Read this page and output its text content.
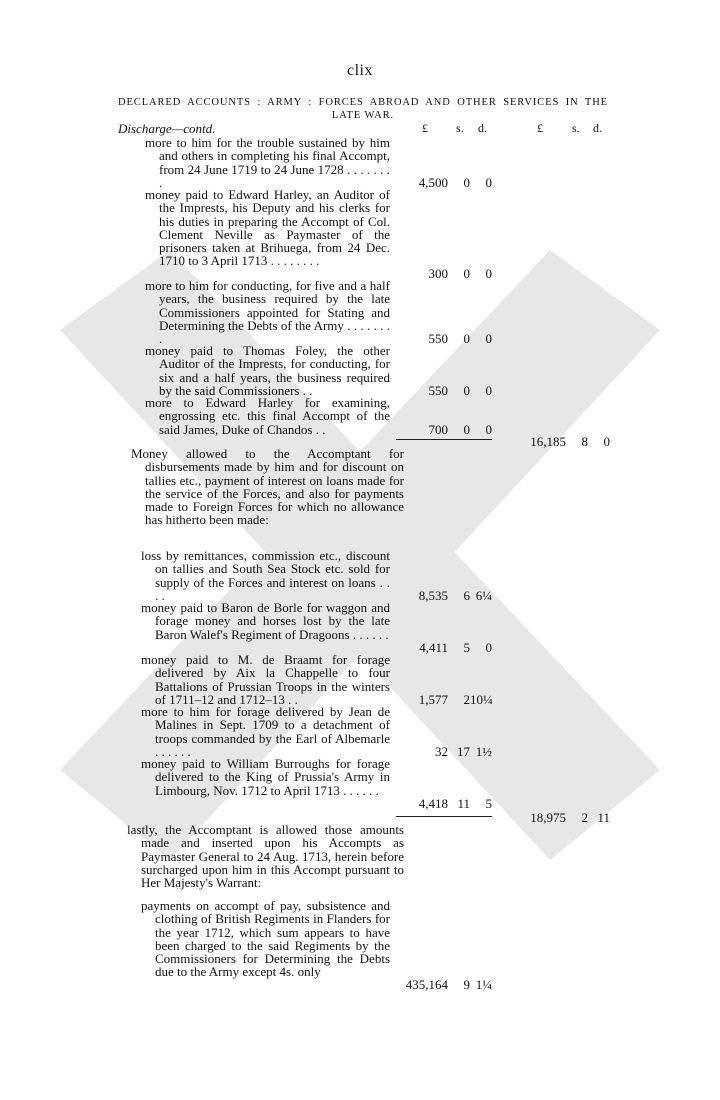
clix
DECLARED ACCOUNTS : ARMY : FORCES ABROAD AND OTHER SERVICES IN THE LATE WAR.
Discharge—contd.	£ s. d.	£ s. d.
more to him for the trouble sustained by him and others in completing his final Accompt, from 24 June 1719 to 24 June 1728 . . . . . . . .	4,500	0	0
money paid to Edward Harley, an Auditor of the Imprests, his Deputy and his clerks for his duties in preparing the Accompt of Col. Clement Neville as Paymaster of the prisoners taken at Brihuega, from 24 Dec. 1710 to 3 April 1713 . . . . . . . .
300	0	0
more to him for conducting, for five and a half years, the business required by the late Commissioners appointed for Stating and Determining the Debts of the Army . . . . . . . .	550	0	0
money paid to Thomas Foley, the other Auditor of the Imprests, for conducting, for six and a half years, the business required by the said Commissioners . .	550	0	0
more to Edward Harley for examining, engrossing etc. this final Accompt of the said James, Duke of Chandos . .	700	0	0
16,185	8	0
Money allowed to the Accomptant for disbursements made by him and for discount on tallies etc., payment of interest on loans made for the service of the Forces, and also for payments made to Foreign Forces for which no allowance has hitherto been made:
loss by remittances, commission etc., discount on tallies and South Sea Stock etc. sold for supply of the Forces and interest on loans . . . .	8,535	6 6¼
money paid to Baron de Borle for waggon and forage money and horses lost by the late Baron Walef's Regiment of Dragoons . . . . . .
4,411	5	0
money paid to M. de Braamt for forage delivered by Aix la Chappelle to four Battalions of Prussian Troops in the winters of 1711–12 and 1712–13 . .	1,577	2 10¼
more to him for forage delivered by Jean de Malines in Sept. 1709 to a detachment of troops commanded by the Earl of Albemarle . . . . . .	32 17 1½
money paid to William Burroughs for forage delivered to the King of Prussia's Army in Limbourg, Nov. 1712 to April 1713 . . . . . .
4,418 11	5
18,975	2 11
lastly, the Accomptant is allowed those amounts made and inserted upon his Accompts as Paymaster General to 24 Aug. 1713, herein before surcharged upon him in this Accompt pursuant to Her Majesty's Warrant:
payments on accompt of pay, subsistence and clothing of British Regiments in Flanders for the year 1712, which sum appears to have been charged to the said Regiments by the Commissioners for Determining the Debts due to the Army except 4s. only
435,164	9 1¼
